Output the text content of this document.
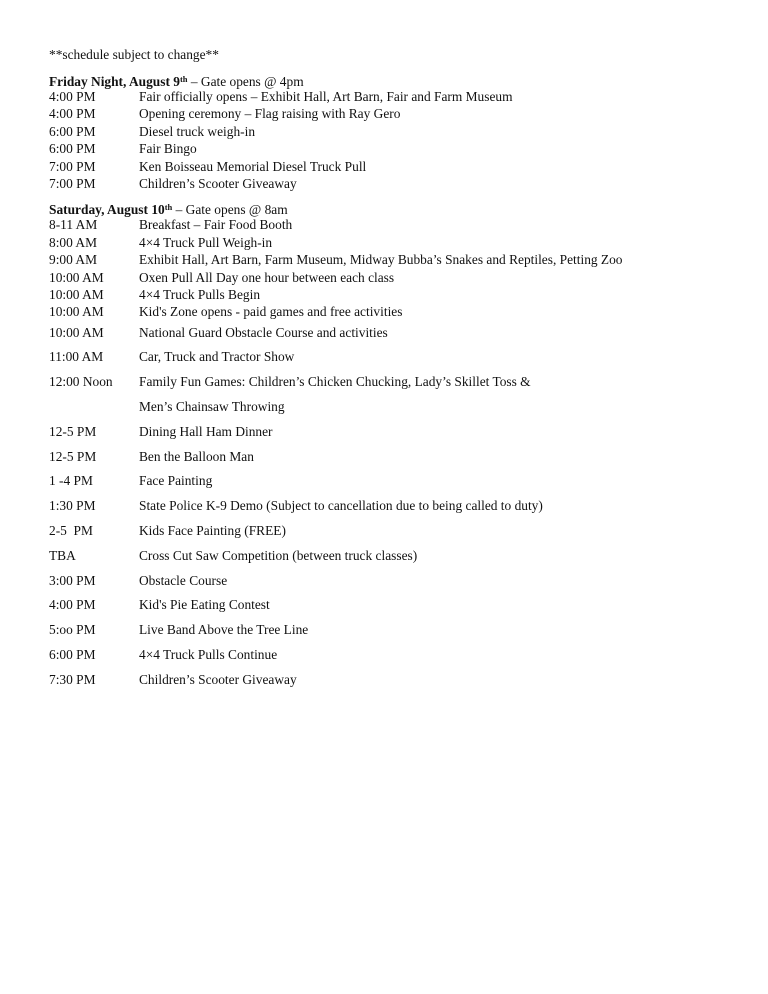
**schedule subject to change**
Friday Night, August 9th – Gate opens @ 4pm
4:00 PM	Fair officially opens – Exhibit Hall, Art Barn, Fair and Farm Museum
4:00 PM	Opening ceremony – Flag raising with Ray Gero
6:00 PM	Diesel truck weigh-in
6:00 PM	Fair Bingo
7:00 PM	Ken Boisseau Memorial Diesel Truck Pull
7:00 PM	Children’s Scooter Giveaway
Saturday, August 10th – Gate opens @ 8am
8-11 AM	Breakfast – Fair Food Booth
8:00 AM	4×4 Truck Pull Weigh-in
9:00 AM	Exhibit Hall, Art Barn, Farm Museum, Midway Bubba’s Snakes and Reptiles, Petting Zoo
10:00 AM	Oxen Pull All Day one hour between each class
10:00 AM	4×4 Truck Pulls Begin
10:00 AM	Kid's Zone opens - paid games and free activities
10:00 AM	National Guard Obstacle Course and activities
11:00 AM	Car, Truck and Tractor Show
12:00 Noon	Family Fun Games: Children’s Chicken Chucking, Lady’s Skillet Toss &
Men’s Chainsaw Throwing
12-5 PM	Dining Hall Ham Dinner
12-5 PM	Ben the Balloon Man
1 -4 PM	Face Painting
1:30 PM	State Police K-9 Demo (Subject to cancellation due to being called to duty)
2-5  PM	Kids Face Painting (FREE)
TBA	Cross Cut Saw Competition (between truck classes)
3:00 PM	Obstacle Course
4:00 PM	Kid's Pie Eating Contest
5:oo PM	Live Band Above the Tree Line
6:00 PM	4×4 Truck Pulls Continue
7:30 PM	Children’s Scooter Giveaway
